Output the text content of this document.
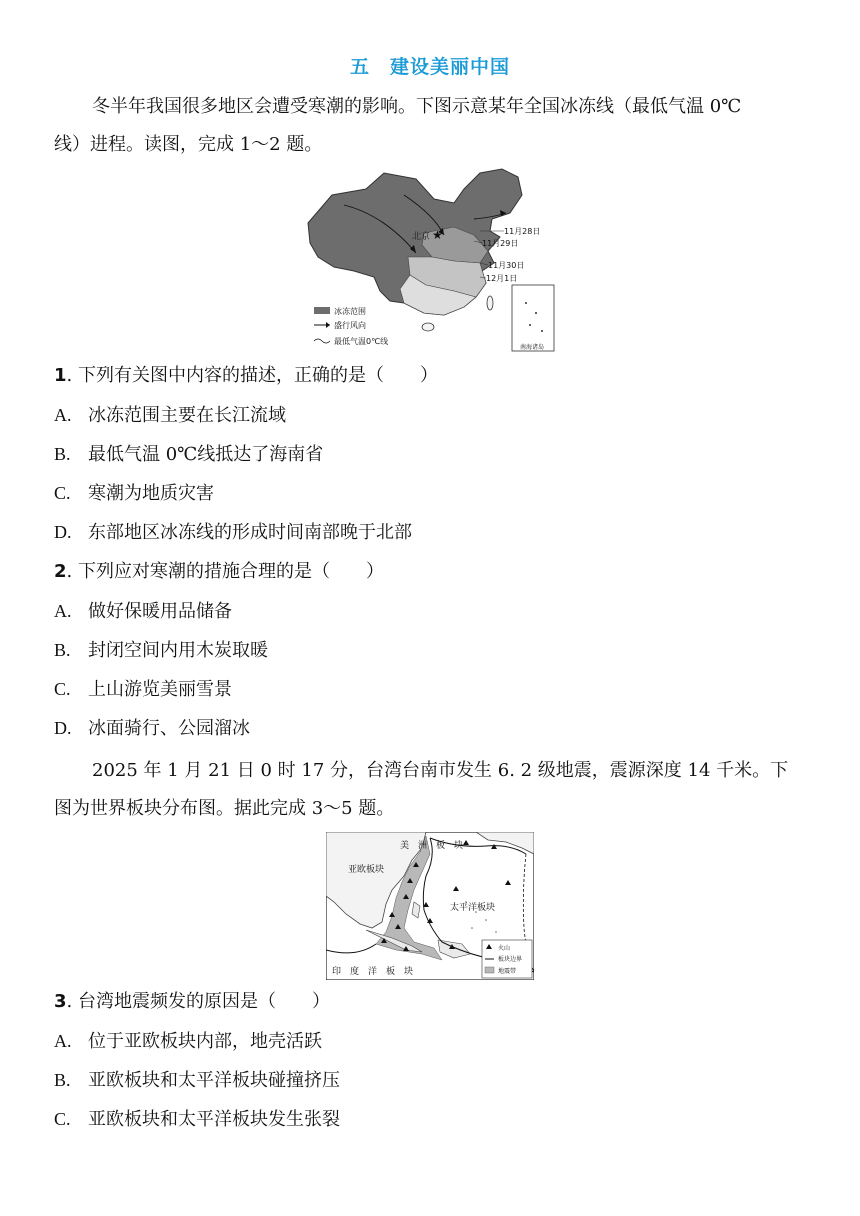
五　建设美丽中国
冬半年我国很多地区会遭受寒潮的影响。下图示意某年全国冰冻线（最低气温 0℃
线）进程。读图，完成 1～2 题。
★
北京
11月28日
11月29日
11月30日
12月1日
冰冻范围
盛行风向
最低气温0℃线
南海诸岛
1. 下列有关图中内容的描述，正确的是（　　）
A. 冰冻范围主要在长江流域
B. 最低气温 0℃线抵达了海南省
C. 寒潮为地质灾害
D. 东部地区冰冻线的形成时间南部晚于北部
2. 下列应对寒潮的措施合理的是（　　）
A. 做好保暖用品储备
B. 封闭空间内用木炭取暖
C. 上山游览美丽雪景
D. 冰面骑行、公园溜冰
2025 年 1 月 21 日 0 时 17 分，台湾台南市发生 6. 2 级地震，震源深度 14 千米。下
图为世界板块分布图。据此完成 3～5 题。
亚欧板块
美　洲　板　块
太平洋板块
印　度　洋　板　块
火山
板块边界
地震带
3. 台湾地震频发的原因是（　　）
A. 位于亚欧板块内部，地壳活跃
B. 亚欧板块和太平洋板块碰撞挤压
C. 亚欧板块和太平洋板块发生张裂
